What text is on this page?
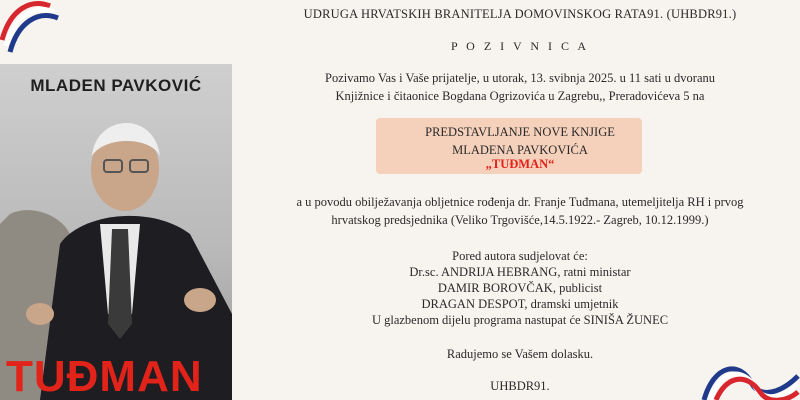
MLADEN PAVKOVIĆ
TUĐMAN
UDRUGA HRVATSKIH BRANITELJA DOMOVINSKOG RATA91. (UHBDR91.)
P O Z I V N I C A
Pozivamo Vas i Vaše prijatelje, u utorak, 13. svibnja 2025. u 11 sati u dvoranu
Knjižnice i čitaonice Bogdana Ogrizovića u Zagrebu,, Preradovićeva 5 na
PREDSTAVLJANJE NOVE KNJIGE
MLADENA PAVKOVIĆA
„TUĐMAN“
a u povodu obilježavanja obljetnice rođenja dr. Franje Tuđmana, utemeljitelja RH i prvog
hrvatskog predsjednika (Veliko Trgovišće,14.5.1922.- Zagreb, 10.12.1999.)
Pored autora sudjelovat će:
Dr.sc. ANDRIJA HEBRANG, ratni ministar
DAMIR BOROVČAK, publicist
DRAGAN DESPOT, dramski umjetnik
U glazbenom dijelu programa nastupat će SINIŠA ŽUNEC
Radujemo se Vašem dolasku.
UHBDR91.
